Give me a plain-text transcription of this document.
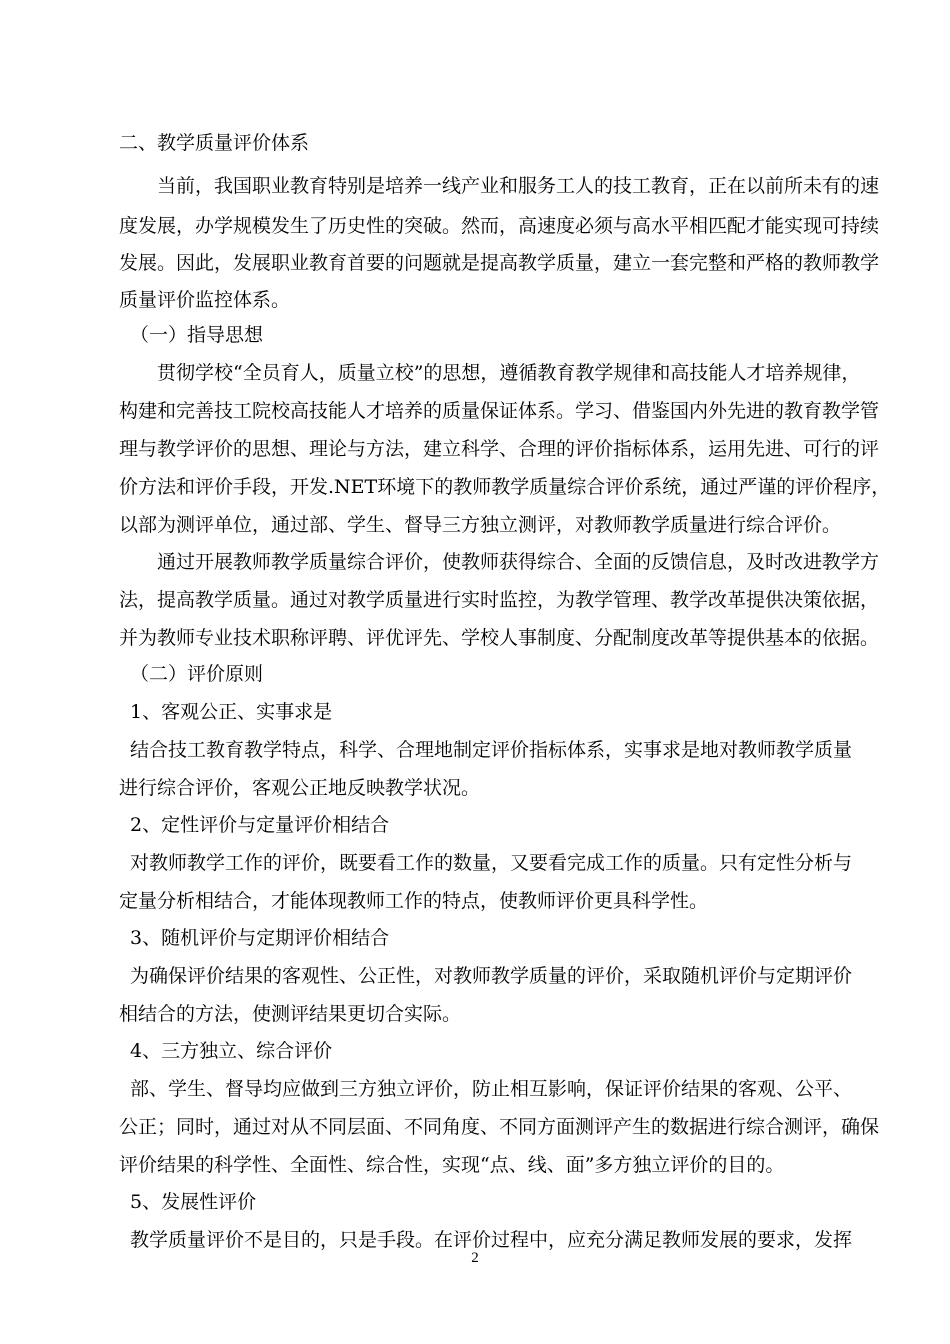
二、教学质量评价体系
当前，我国职业教育特别是培养一线产业和服务工人的技工教育，正在以前所未有的速
度发展，办学规模发生了历史性的突破。然而，高速度必须与高水平相匹配才能实现可持续
发展。因此，发展职业教育首要的问题就是提高教学质量，建立一套完整和严格的教师教学
质量评价监控体系。
（一）指导思想
贯彻学校“全员育人，质量立校”的思想，遵循教育教学规律和高技能人才培养规律，
构建和完善技工院校高技能人才培养的质量保证体系。学习、借鉴国内外先进的教育教学管
理与教学评价的思想、理论与方法，建立科学、合理的评价指标体系，运用先进、可行的评
价方法和评价手段，开发.NET环境下的教师教学质量综合评价系统，通过严谨的评价程序，
以部为测评单位，通过部、学生、督导三方独立测评，对教师教学质量进行综合评价。
通过开展教师教学质量综合评价，使教师获得综合、全面的反馈信息，及时改进教学方
法，提高教学质量。通过对教学质量进行实时监控，为教学管理、教学改革提供决策依据，
并为教师专业技术职称评聘、评优评先、学校人事制度、分配制度改革等提供基本的依据。
（二）评价原则
1、客观公正、实事求是
结合技工教育教学特点，科学、合理地制定评价指标体系，实事求是地对教师教学质量
进行综合评价，客观公正地反映教学状况。
2、定性评价与定量评价相结合
对教师教学工作的评价，既要看工作的数量，又要看完成工作的质量。只有定性分析与
定量分析相结合，才能体现教师工作的特点，使教师评价更具科学性。
3、随机评价与定期评价相结合
为确保评价结果的客观性、公正性，对教师教学质量的评价，采取随机评价与定期评价
相结合的方法，使测评结果更切合实际。
4、三方独立、综合评价
部、学生、督导均应做到三方独立评价，防止相互影响，保证评价结果的客观、公平、
公正；同时，通过对从不同层面、不同角度、不同方面测评产生的数据进行综合测评，确保
评价结果的科学性、全面性、综合性，实现“点、线、面”多方独立评价的目的。
5、发展性评价
教学质量评价不是目的，只是手段。在评价过程中，应充分满足教师发展的要求，发挥
2
